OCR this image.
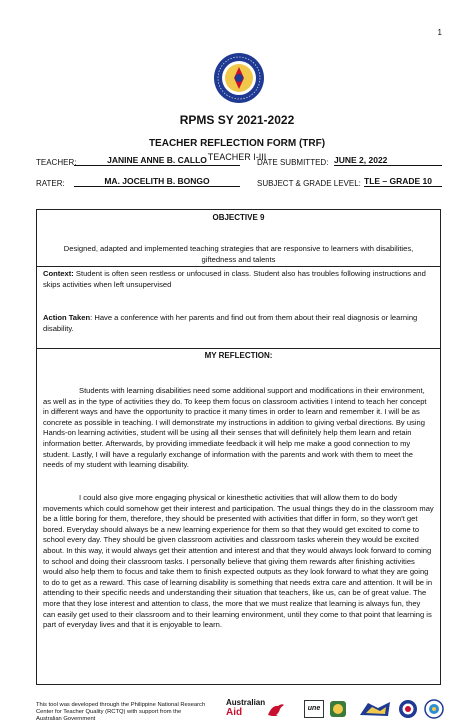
1
RPMS SY 2021-2022
TEACHER REFLECTION FORM (TRF)
TEACHER I-III
TEACHER:	JANINE ANNE B. CALLO	DATE SUBMITTED: JUNE 2, 2022
RATER:	MA. JOCELITH B. BONGO	SUBJECT & GRADE LEVEL: TLE – GRADE 10
OBJECTIVE 9
Designed, adapted and implemented teaching strategies that are responsive to learners with disabilities, giftedness and talents
Context: Student is often seen restless or unfocused in class. Student also has troubles following instructions and skips activities when left unsupervised
Action Taken: Have a conference with her parents and find out from them about their real diagnosis or learning disability.
MY REFLECTION:
Students with learning disabilities need some additional support and modifications in their environment, as well as in the type of activities they do. To keep them focus on classroom activities I intend to teach her concept in different ways and have the opportunity to practice it many times in order to learn and remember it. I will be as concrete as possible in teaching. I will demonstrate my instructions in addition to giving verbal directions. By using Hands-on learning activities, student will be using all their senses that will definitely help them learn and retain information better. Afterwards, by providing immediate feedback it will help me make a good connection to my student. Lastly, I will have a regularly exchange of information with the parents and work with them to meet the needs of my student with learning disability.
I could also give more engaging physical or kinesthetic activities that will allow them to do body movements which could somehow get their interest and participation. The usual things they do in the classroom may be a little boring for them, therefore, they should be presented with activities that differ in form, so they won't get bored. Everyday should always be a new learning experience for them so that they would get excited to come to school every day. They should be given classroom activities and classroom tasks wherein they would be excited about. In this way, it would always get their attention and interest and that they would always look forward to coming to school and doing their classroom tasks. I personally believe that giving them rewards after finishing activities would also help them to focus and take them to finish expected outputs as they look forward to what they are going to do to get as a reward. This case of learning disability is something that needs extra care and attention. It will be in attending to their specific needs and understanding their situation that teachers, like us, can be of great value. The more that they lose interest and attention to class, the more that we must realize that learning is always fun, they can easily get used to their classroom and to their learning environment, until they come to that point that learning is part of everyday lives and that it is enjoyable to learn.
This tool was developed through the Philippine National Research Center for Teacher Quality (RCTQ) with support from the Australian Government
Australian
Aid	une
